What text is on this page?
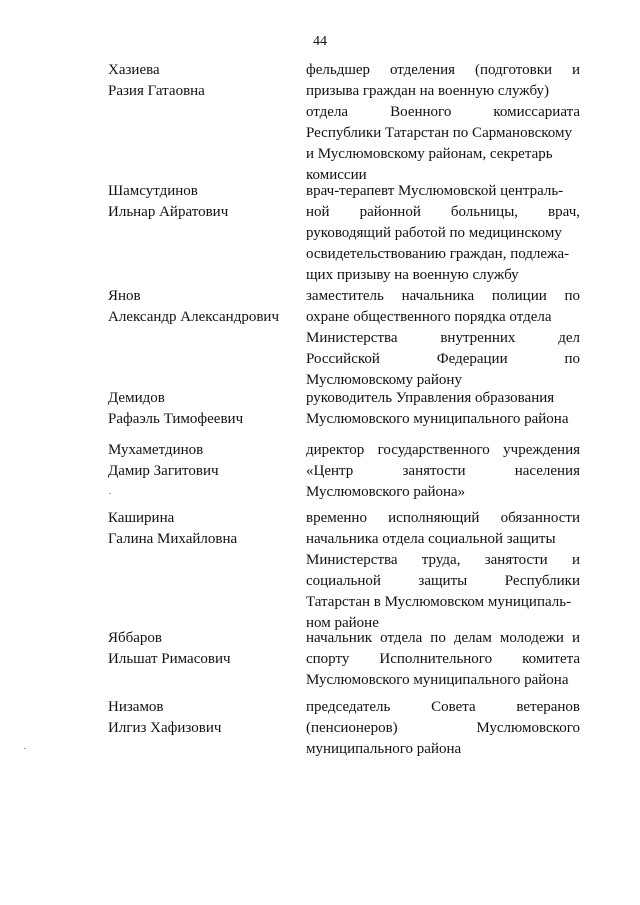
44
Хазиева
Разия Гатаовна
фельдшер отделения (подготовки и
призыва граждан на военную службу)
отдела Военного комиссариата
Республики Татарстан по Сармановскому
и Муслюмовскому районам, секретарь
комиссии
Шамсутдинов
Ильнар Айратович
врач-терапевт Муслюмовской централь-
ной районной больницы, врач,
руководящий работой по медицинскому
освидетельствованию граждан, подлежа-
щих призыву на военную службу
Янов
Александр Александрович
заместитель начальника полиции по
охране общественного порядка отдела
Министерства внутренних дел
Российской Федерации по
Муслюмовскому району
Демидов
Рафаэль Тимофеевич
руководитель Управления образования
Муслюмовского муниципального района
Мухаметдинов
Дамир Загитович
директор государственного учреждения
«Центр занятости населения
Муслюмовского района»
Каширина
Галина Михайловна
временно исполняющий обязанности
начальника отдела социальной защиты
Министерства труда, занятости и
социальной защиты Республики
Татарстан в Муслюмовском муниципаль-
ном районе
Яббаров
Ильшат Римасович
начальник отдела по делам молодежи и
спорту Исполнительного комитета
Муслюмовского муниципального района
Низамов
Илгиз Хафизович
председатель Совета ветеранов
(пенсионеров) Муслюмовского
муниципального района
